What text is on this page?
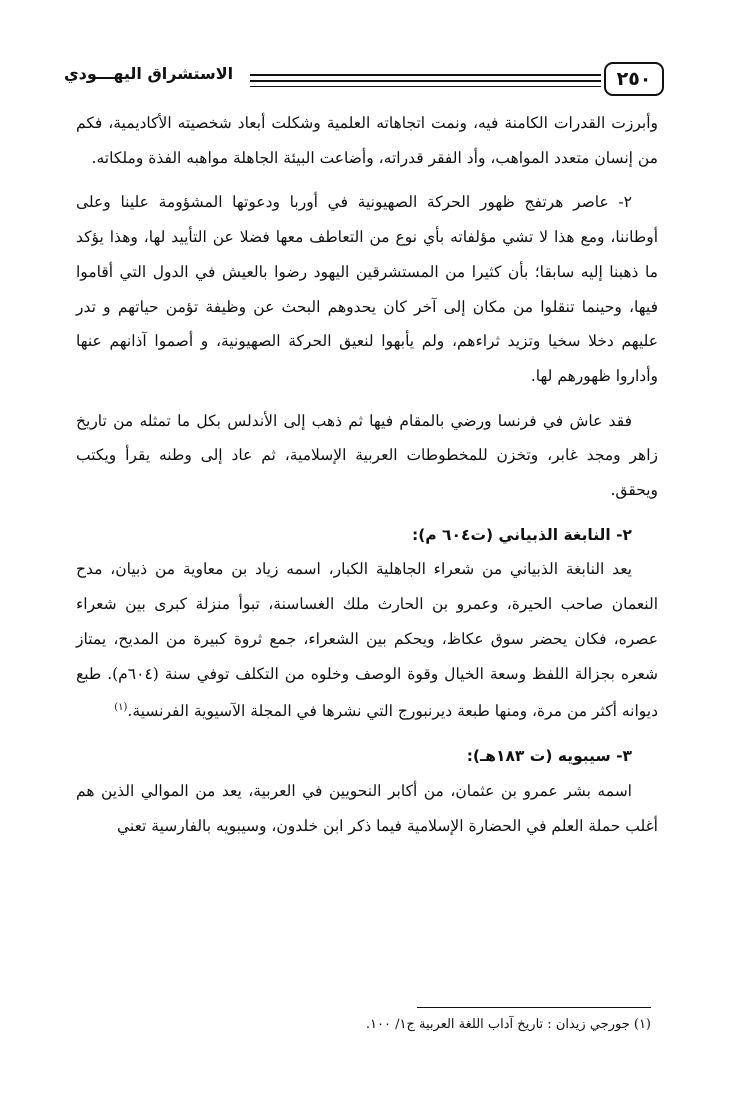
الاستشراق اليهـــودي	٢٥٠

وأبرزت القدرات الكامنة فيه، ونمت اتجاهاته العلمية وشكلت أبعاد شخصيته الأكاديمية، فكم من إنسان متعدد المواهب، وأد الفقر قدراته، وأضاعت البيئة الجاهلة مواهبه الفذة وملكاته.

٢- عاصر هرتفج ظهور الحركة الصهيونية في أوربا ودعوتها المشؤومة علينا وعلى أوطاننا، ومع هذا لا تشي مؤلفاته بأي نوع من التعاطف معها فضلا عن التأييد لها، وهذا يؤكد ما ذهبنا إليه سابقا؛ بأن كثيرا من المستشرقين اليهود رضوا بالعيش في الدول التي أقاموا فيها، وحينما تنقلوا من مكان إلى آخر كان يحدوهم البحث عن وظيفة تؤمن حياتهم و تدر عليهم دخلا سخيا وتزيد ثراءهم، ولم يأبهوا لنعيق الحركة الصهيونية، و أصموا آذانهم عنها وأداروا ظهورهم لها.

فقد عاش في فرنسا ورضي بالمقام فيها ثم ذهب إلى الأندلس بكل ما تمثله من تاريخ زاهر ومجد غابر، وتخزن للمخطوطات العربية الإسلامية، ثم عاد إلى وطنه يقرأ ويكتب ويحقق.

٢- النابغة الذبياني (ت٦٠٤ م):

يعد النابغة الذبياني من شعراء الجاهلية الكبار، اسمه زياد بن معاوية من ذبيان، مدح النعمان صاحب الحيرة، وعمرو بن الحارث ملك الغساسنة، تبوأ منزلة كبرى بين شعراء عصره، فكان يحضر سوق عكاظ، ويحكم بين الشعراء، جمع ثروة كبيرة من المديح، يمتاز شعره بجزالة اللفظ وسعة الخيال وقوة الوصف وخلوه من التكلف توفي سنة (٦٠٤م). طبع ديوانه أكثر من مرة، ومنها طبعة ديرنبورج التي نشرها في المجلة الآسيوية الفرنسية.$^{(١)}$

٣- سيبويه (ت ١٨٣هـ):

اسمه بشر عمرو بن عثمان، من أكابر النحويين في العربية، يعد من الموالي الذين هم أغلب حملة العلم في الحضارة الإسلامية فيما ذكر ابن خلدون، وسيبويه بالفارسية تعني

(١) جورجي زيدان : تاريخ آداب اللغة العربية ج١/ ١٠٠.
